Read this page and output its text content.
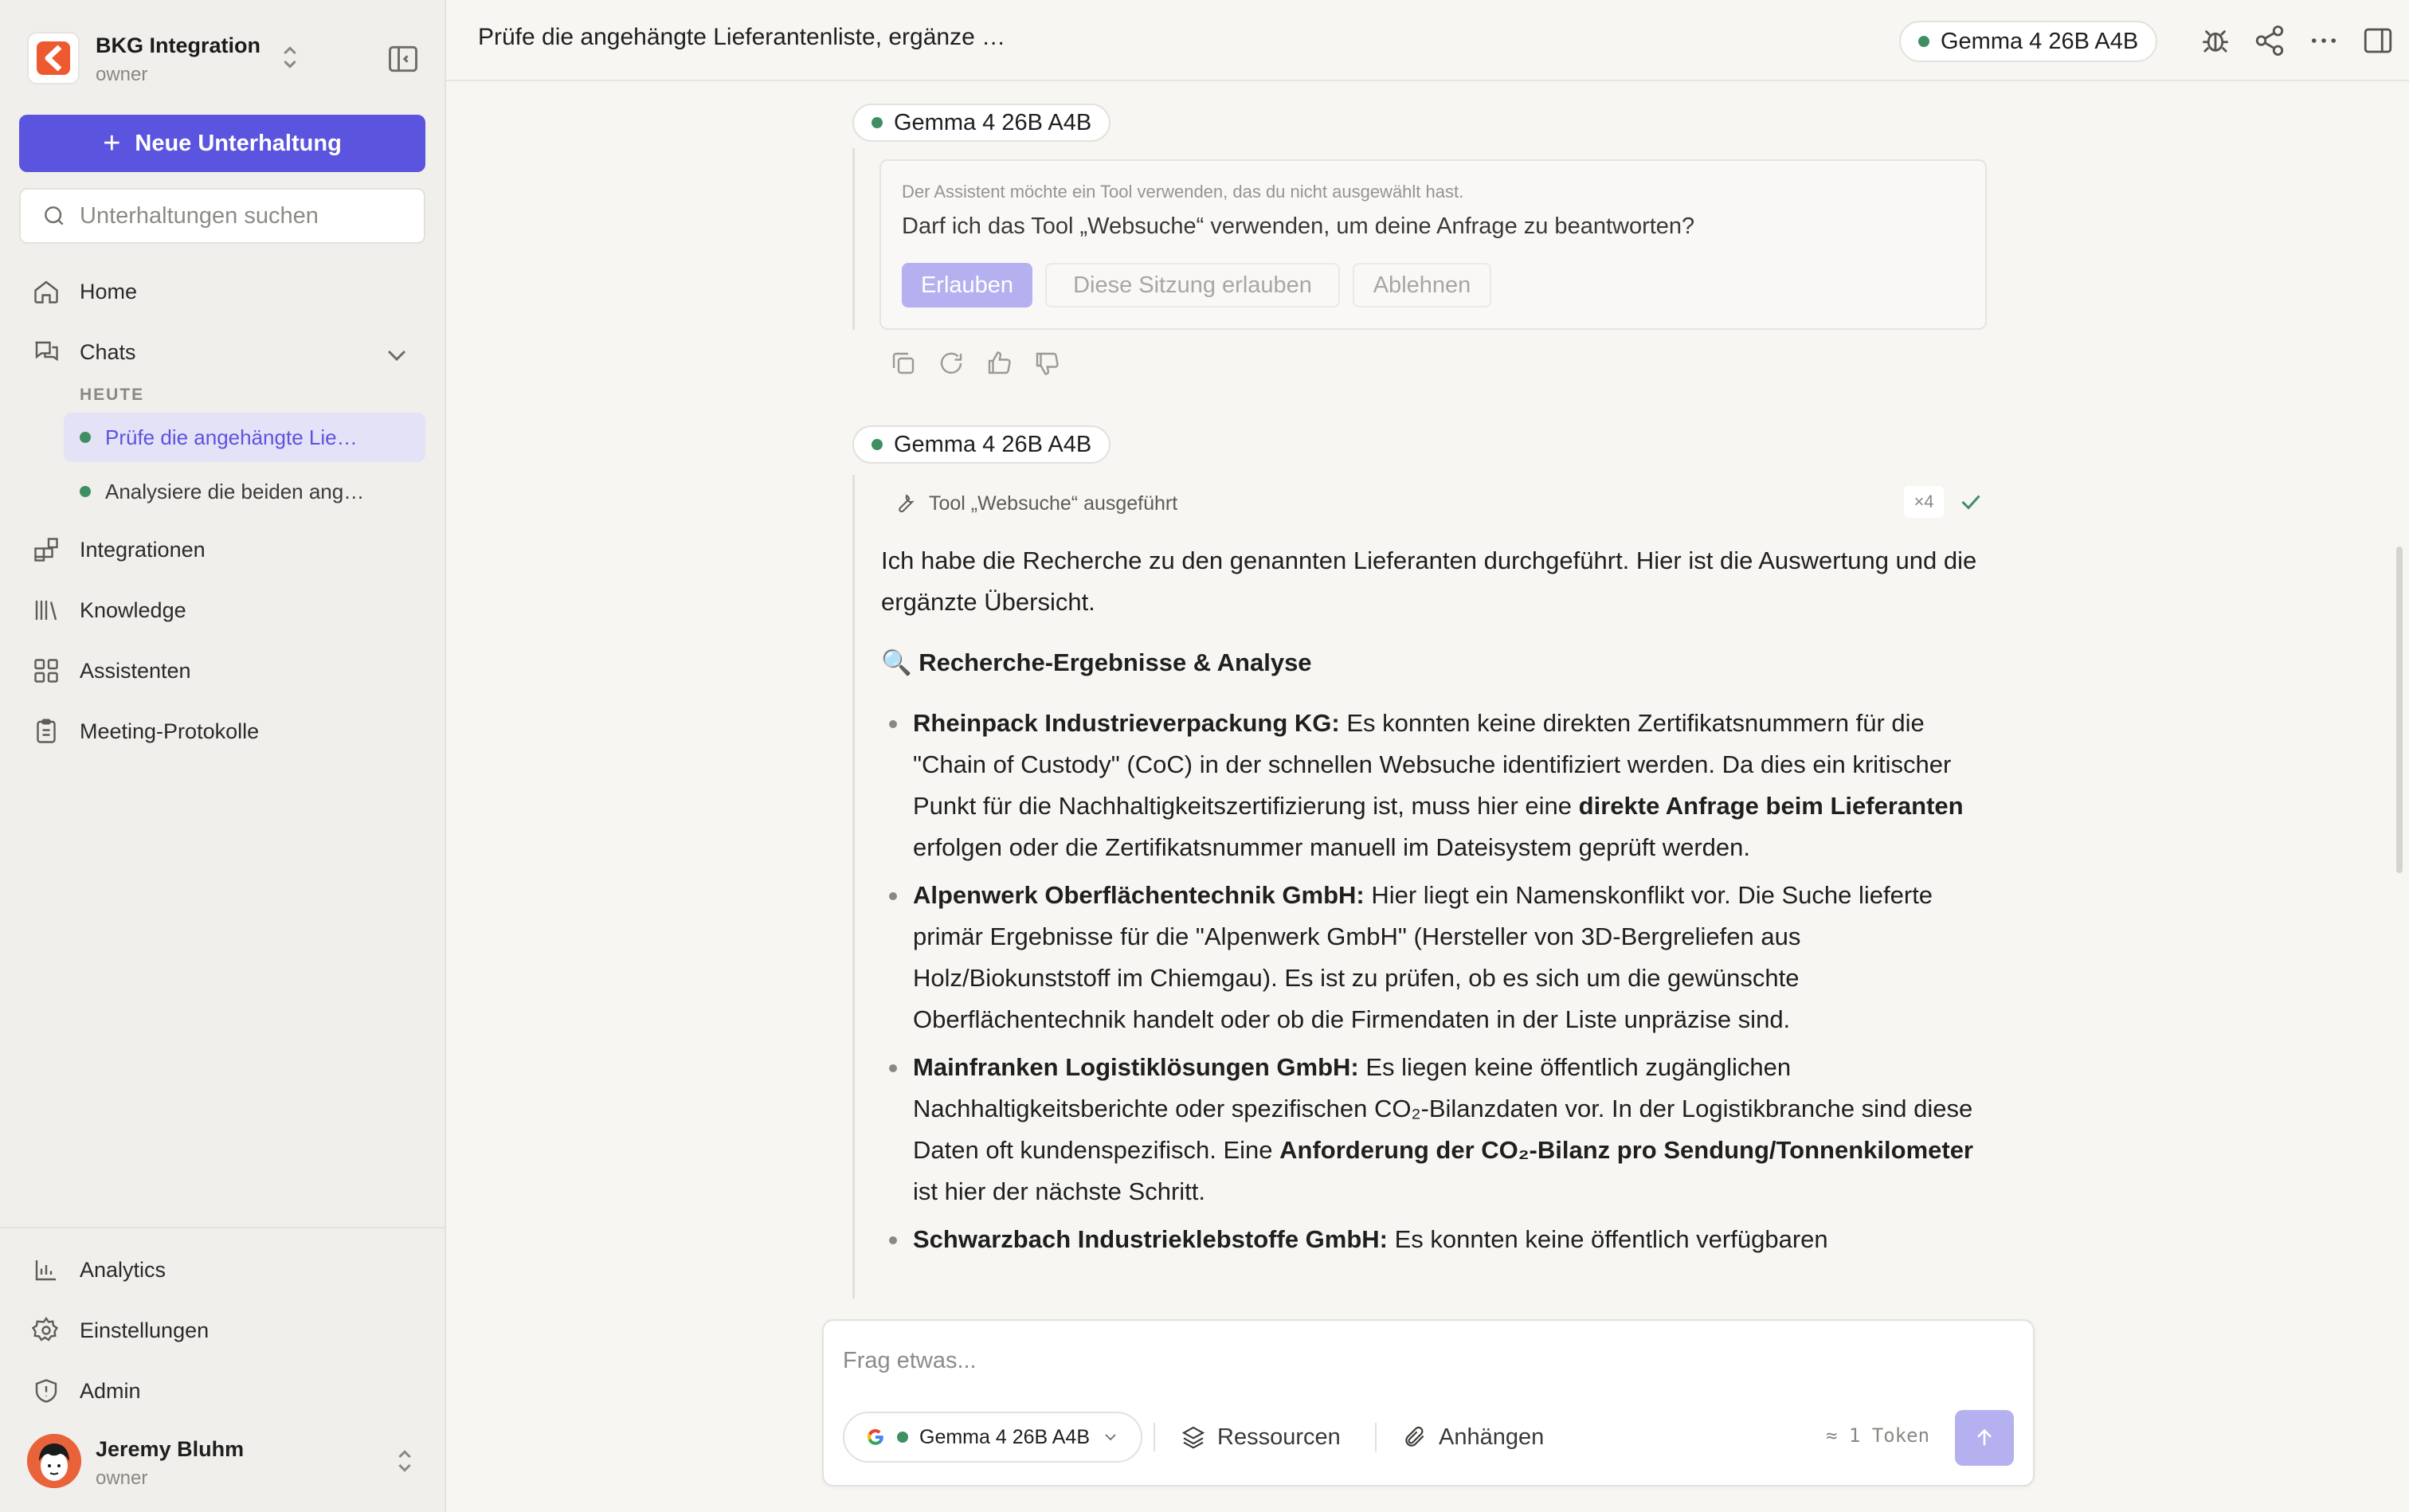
BKG Integration
owner
+ Neue Unterhaltung
Unterhaltungen suchen
Home
Chats
HEUTE
Prüfe die angehängte Lie…
Analysiere die beiden ang…
Integrationen
Knowledge
Assistenten
Meeting-Protokolle
Analytics
Einstellungen
Admin
Jeremy Bluhm
owner
Prüfe die angehängte Lieferantenliste, ergänze …	Gemma 4 26B A4B
Gemma 4 26B A4B
Der Assistent möchte ein Tool verwenden, das du nicht ausgewählt hast.
Darf ich das Tool „Websuche“ verwenden, um deine Anfrage zu beantworten?
Erlauben	Diese Sitzung erlauben	Ablehnen
Gemma 4 26B A4B
Tool „Websuche“ ausgeführt	×4

Ich habe die Recherche zu den genannten Lieferanten durchgeführt. Hier ist die Auswertung und die ergänzte Übersicht.

🔍 Recherche-Ergebnisse & Analyse
Rheinpack Industrieverpackung KG: Es konnten keine direkten Zertifikatsnummern für die "Chain of Custody" (CoC) in der schnellen Websuche identifiziert werden. Da dies ein kritischer Punkt für die Nachhaltigkeitszertifizierung ist, muss hier eine direkte Anfrage beim Lieferanten erfolgen oder die Zertifikatsnummer manuell im Dateisystem geprüft werden.
Alpenwerk Oberflächentechnik GmbH: Hier liegt ein Namenskonflikt vor. Die Suche lieferte primär Ergebnisse für die "Alpenwerk GmbH" (Hersteller von 3D-Bergreliefen aus Holz/Biokunststoff im Chiemgau). Es ist zu prüfen, ob es sich um die gewünschte Oberflächentechnik handelt oder ob die Firmendaten in der Liste unpräzise sind.
Mainfranken Logistiklösungen GmbH: Es liegen keine öffentlich zugänglichen Nachhaltigkeitsberichte oder spezifischen CO₂-Bilanzdaten vor. In der Logistikbranche sind diese Daten oft kundenspezifisch. Eine Anforderung der CO₂-Bilanz pro Sendung/Tonnenkilometer ist hier der nächste Schritt.
Schwarzbach Industrieklebstoffe GmbH: Es konnten keine öffentlich verfügbaren
Frag etwas...
Gemma 4 26B A4B	Ressourcen	Anhängen	≈ 1 Token
